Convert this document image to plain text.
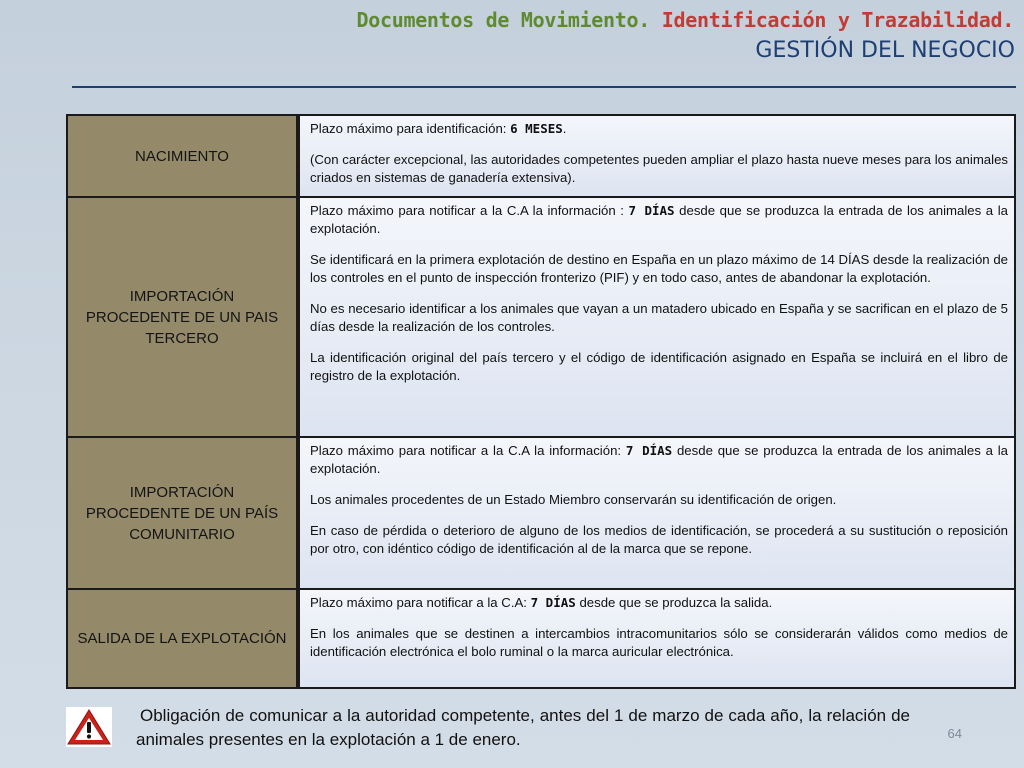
Documentos de Movimiento. Identificación y Trazabilidad.
GESTIÓN DEL NEGOCIO
NACIMIENTO

Plazo máximo para identificación: 6 MESES.

(Con carácter excepcional, las autoridades competentes pueden ampliar el plazo hasta nueve meses para los animales criados en sistemas de ganadería extensiva).

IMPORTACIÓN PROCEDENTE DE UN PAIS TERCERO

Plazo máximo para notificar a la C.A la información : 7 DÍAS desde que se produzca la entrada de los animales a la explotación.

Se identificará en la primera explotación de destino en España en un plazo máximo de 14 DÍAS desde la realización de los controles en el punto de inspección fronterizo (PIF) y en todo caso, antes de abandonar la explotación.

No es necesario identificar a los animales que vayan a un matadero ubicado en España y se sacrifican en el plazo de 5 días desde la realización de los controles.

La identificación original del país tercero y el código de identificación asignado en España se incluirá en el libro de registro de la explotación.

IMPORTACIÓN PROCEDENTE DE UN PAÍS COMUNITARIO

Plazo máximo para notificar a la C.A la información: 7 DÍAS desde que se produzca la entrada de los animales a la explotación.

Los animales procedentes de un Estado Miembro conservarán su identificación de origen.

En caso de pérdida o deterioro de alguno de los medios de identificación, se procederá a su sustitución o reposición por otro, con idéntico código de identificación al de la marca que se repone.

SALIDA DE LA EXPLOTACIÓN

Plazo máximo para notificar a la C.A: 7 DÍAS desde que se produzca la salida.

En los animales que se destinen a intercambios intracomunitarios sólo se considerarán válidos como medios de identificación electrónica el bolo ruminal o la marca auricular electrónica.

Obligación de comunicar a la autoridad competente, antes del 1 de marzo de cada año, la relación de animales presentes en la explotación a 1 de enero.	64
